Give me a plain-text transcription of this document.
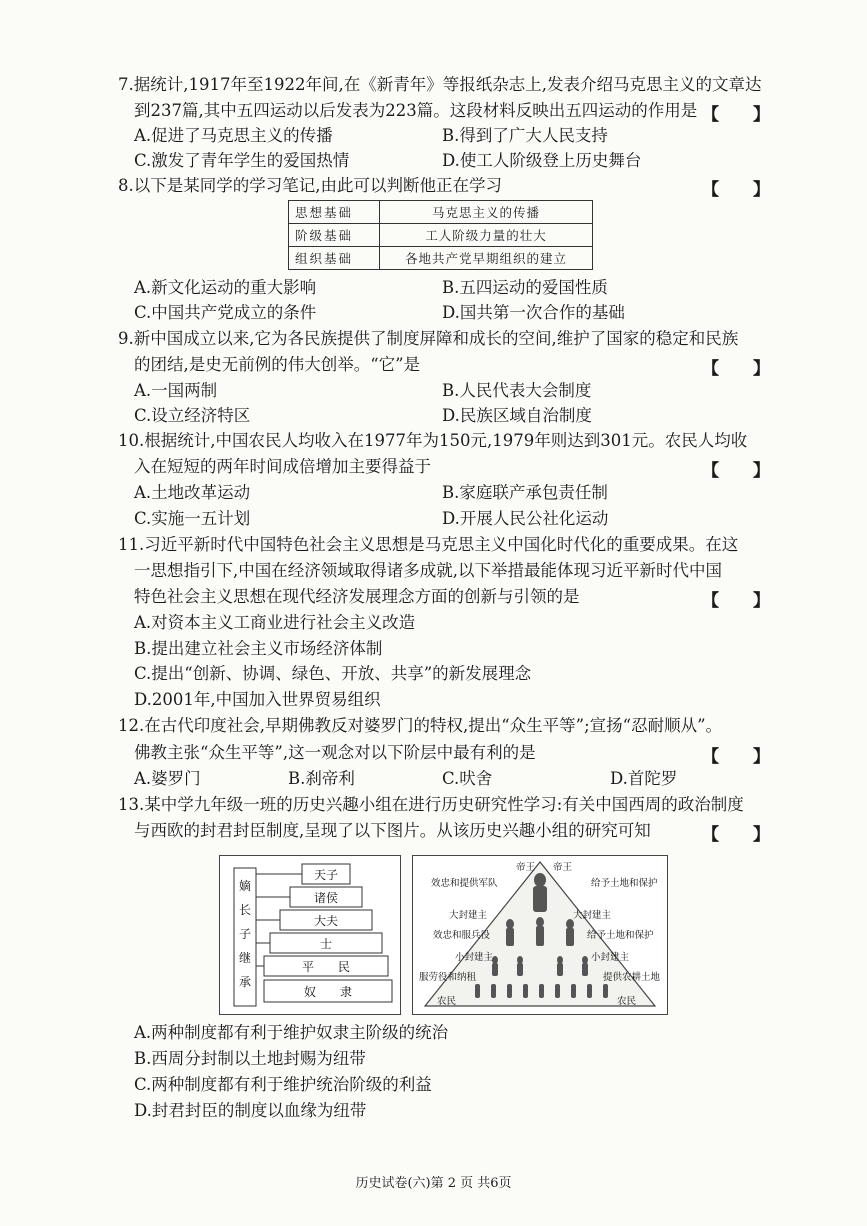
7.据统计,1917年至1922年间,在《新青年》等报纸杂志上,发表介绍马克思主义的文章达
到237篇,其中五四运动以后发表为223篇。这段材料反映出五四运动的作用是 【　　】
A.促进了马克思主义的传播	B.得到了广大人民支持
C.激发了青年学生的爱国热情	D.使工人阶级登上历史舞台
8.以下是某同学的学习笔记,由此可以判断他正在学习	【　　】
思想基础	马克思主义的传播
阶级基础	工人阶级力量的壮大
组织基础	各地共产党早期组织的建立
A.新文化运动的重大影响	B.五四运动的爱国性质
C.中国共产党成立的条件	D.国共第一次合作的基础
9.新中国成立以来,它为各民族提供了制度屏障和成长的空间,维护了国家的稳定和民族
的团结,是史无前例的伟大创举。“它”是	【　　】
A.一国两制	B.人民代表大会制度
C.设立经济特区	D.民族区域自治制度
10.根据统计,中国农民人均收入在1977年为150元,1979年则达到301元。农民人均收
入在短短的两年时间成倍增加主要得益于	【　　】
A.土地改革运动	B.家庭联产承包责任制
C.实施一五计划	D.开展人民公社化运动
11.习近平新时代中国特色社会主义思想是马克思主义中国化时代化的重要成果。在这
一思想指引下,中国在经济领域取得诸多成就,以下举措最能体现习近平新时代中国
特色社会主义思想在现代经济发展理念方面的创新与引领的是	【　　】
A.对资本主义工商业进行社会主义改造
B.提出建立社会主义市场经济体制
C.提出“创新、协调、绿色、开放、共享”的新发展理念
D.2001年,中国加入世界贸易组织
12.在古代印度社会,早期佛教反对婆罗门的特权,提出“众生平等”;宣扬“忍耐顺从”。
佛教主张“众生平等”,这一观念对以下阶层中最有利的是	【　　】
A.婆罗门	B.刹帝利	C.吠舍	D.首陀罗
13.某中学九年级一班的历史兴趣小组在进行历史研究性学习:有关中国西周的政治制度
与西欧的封君封臣制度,呈现了以下图片。从该历史兴趣小组的研究可知	【　　】
嫡
长
子
继
承
天子
诸侯
大夫
士
平　　民
奴　　隶
帝王 帝王
效忠和提供军队
大封建主
效忠和服兵役
小封建主
服劳役和纳租
农民
给予土地和保护
大封建主
给予土地和保护
小封建主
提供农耕土地
农民
A.两种制度都有利于维护奴隶主阶级的统治
B.西周分封制以土地封赐为纽带
C.两种制度都有利于维护统治阶级的利益
D.封君封臣的制度以血缘为纽带
历史试卷(六)第 2 页 共6页
